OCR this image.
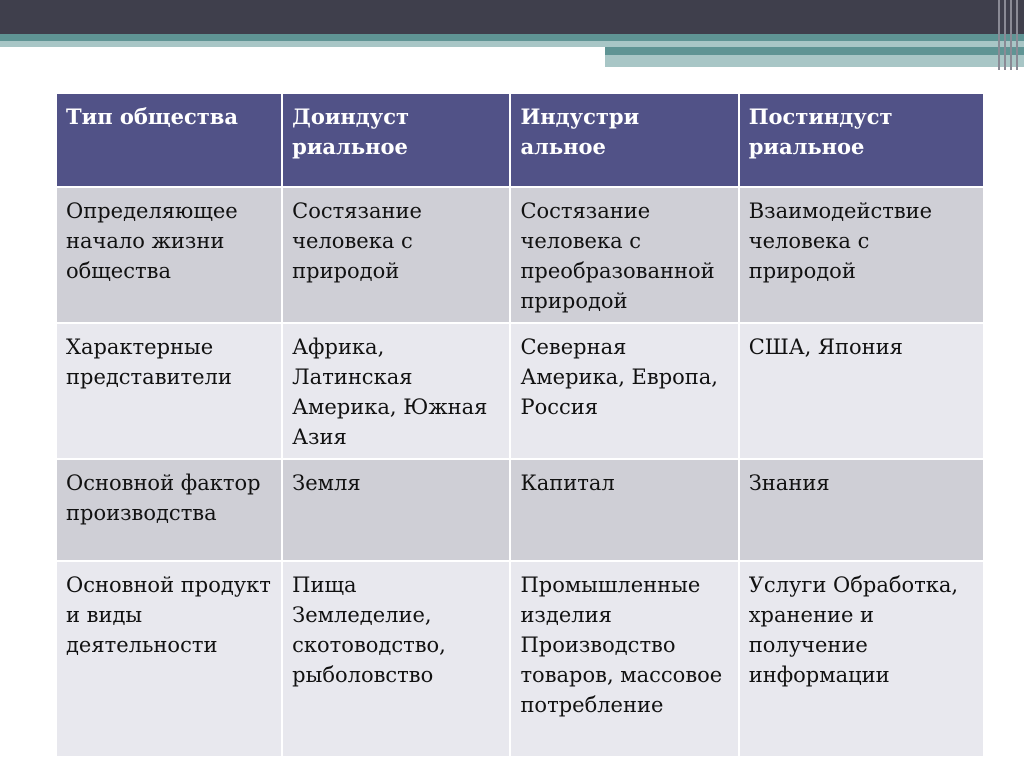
Тип общества	Доиндуст риальное	Индустри альное	Постиндуст риальное
Определяющее начало жизни общества	Состязание человека с природой	Состязание человека с преобразованной природой	Взаимодействие человека с природой
Характерные представители	Африка, Латинская Америка, Южная Азия	Северная Америка, Европа, Россия	США, Япония
Основной фактор производства	Земля	Капитал	Знания
Основной продукт и виды деятельности	Пища Земледелие, скотоводство, рыболовство	Промышленные изделия Производство товаров, массовое потребление	Услуги Обработка, хранение и получение информации
